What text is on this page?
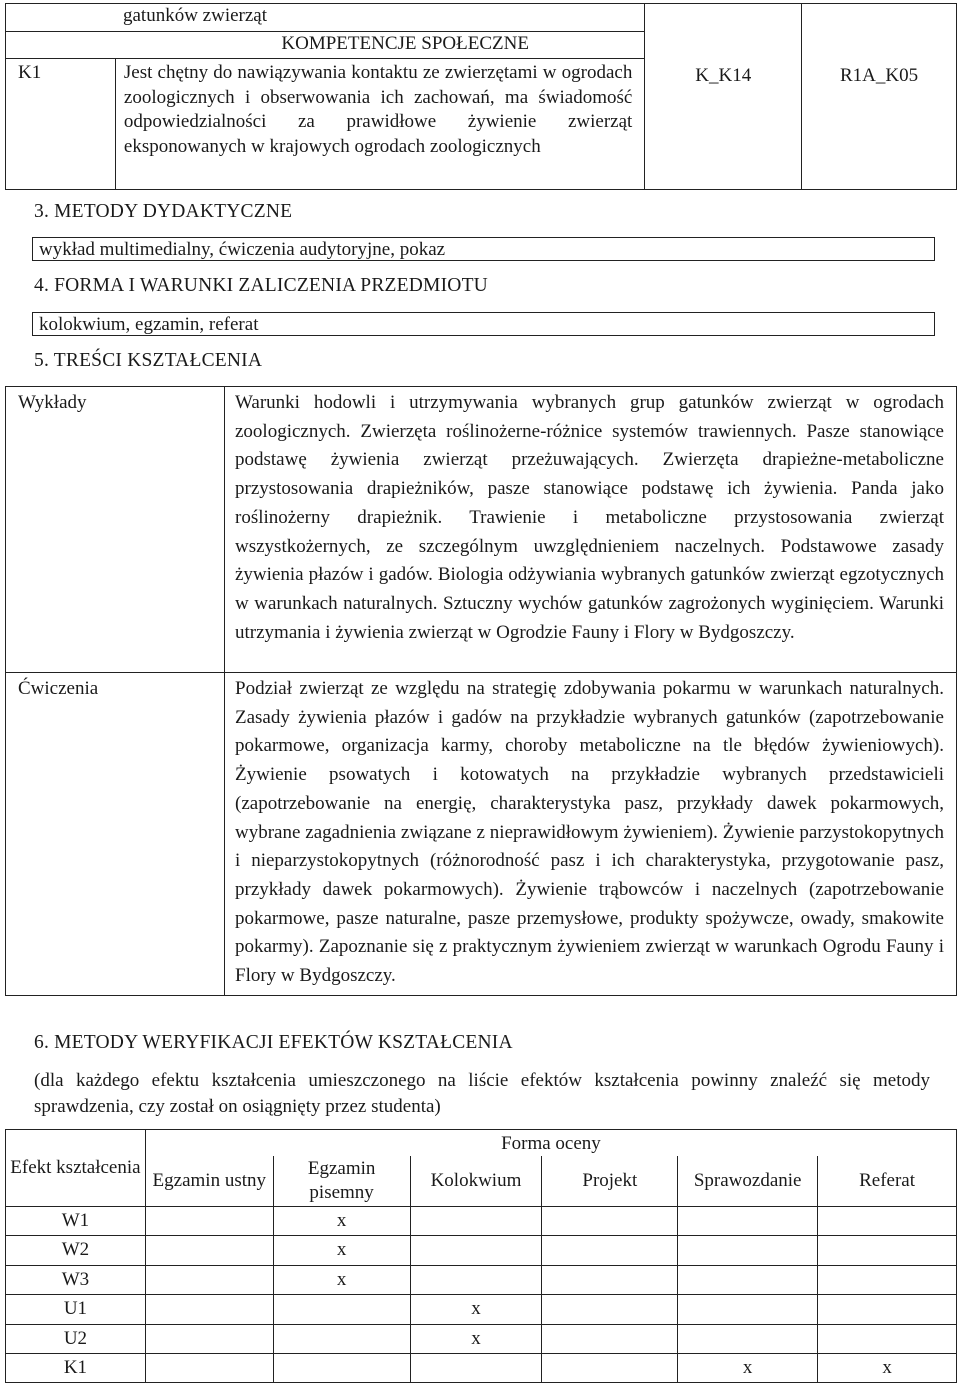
gatunków zwierząt		K_K14	R1A_K05
KOMPETENCJE SPOŁECZNE			
K1	Jest chętny do nawiązywania kontaktu ze zwierzętami w ogrodach zoologicznych i obserwowania ich zachowań, ma świadomość odpowiedzialności za prawidłowe żywienie zwierząt eksponowanych w krajowych ogrodach zoologicznych		
3. METODY DYDAKTYCZNE
wykład multimedialny, ćwiczenia audytoryjne, pokaz
4. FORMA I WARUNKI ZALICZENIA PRZEDMIOTU
kolokwium, egzamin, referat
5. TREŚCI KSZTAŁCENIA
Wykłady	Warunki hodowli i utrzymywania wybranych grup gatunków zwierząt w ogrodach zoologicznych. Zwierzęta roślinożerne-różnice systemów trawiennych. Pasze stanowiące podstawę żywienia zwierząt przeżuwających. Zwierzęta drapieżne-metaboliczne przystosowania drapieżników, pasze stanowiące podstawę ich żywienia. Panda jako roślinożerny drapieżnik. Trawienie i metaboliczne przystosowania zwierząt wszystkożernych, ze szczególnym uwzględnieniem naczelnych. Podstawowe zasady żywienia płazów i gadów. Biologia odżywiania wybranych gatunków zwierząt egzotycznych w warunkach naturalnych. Sztuczny wychów gatunków zagrożonych wyginięciem. Warunki utrzymania i żywienia zwierząt w Ogrodzie Fauny i Flory w Bydgoszczy.
Ćwiczenia	Podział zwierząt ze względu na strategię zdobywania pokarmu w warunkach naturalnych. Zasady żywienia płazów i gadów na przykładzie wybranych gatunków (zapotrzebowanie pokarmowe, organizacja karmy, choroby metaboliczne na tle błędów żywieniowych). Żywienie psowatych i kotowatych na przykładzie wybranych przedstawicieli (zapotrzebowanie na energię, charakterystyka pasz, przykłady dawek pokarmowych, wybrane zagadnienia związane z nieprawidłowym żywieniem). Żywienie parzystokopytnych i nieparzystokopytnych (różnorodność pasz i ich charakterystyka, przygotowanie pasz, przykłady dawek pokarmowych). Żywienie trąbowców i naczelnych (zapotrzebowanie pokarmowe, pasze naturalne, pasze przemysłowe, produkty spożywcze, owady, smakowite pokarmy). Zapoznanie się z praktycznym żywieniem zwierząt w warunkach Ogrodu Fauny i Flory w Bydgoszczy.
6. METODY WERYFIKACJI EFEKTÓW KSZTAŁCENIA
(dla każdego efektu kształcenia umieszczonego na liście efektów kształcenia powinny znaleźć się metody sprawdzenia, czy został on osiągnięty przez studenta)
Efekt kształcenia	Forma oceny					
	Egzamin ustny	Egzamin pisemny	Kolokwium	Projekt	Sprawozdanie	Referat
W1		x				
W2		x				
W3		x				
U1			x			
U2			x			
K1					x	x
